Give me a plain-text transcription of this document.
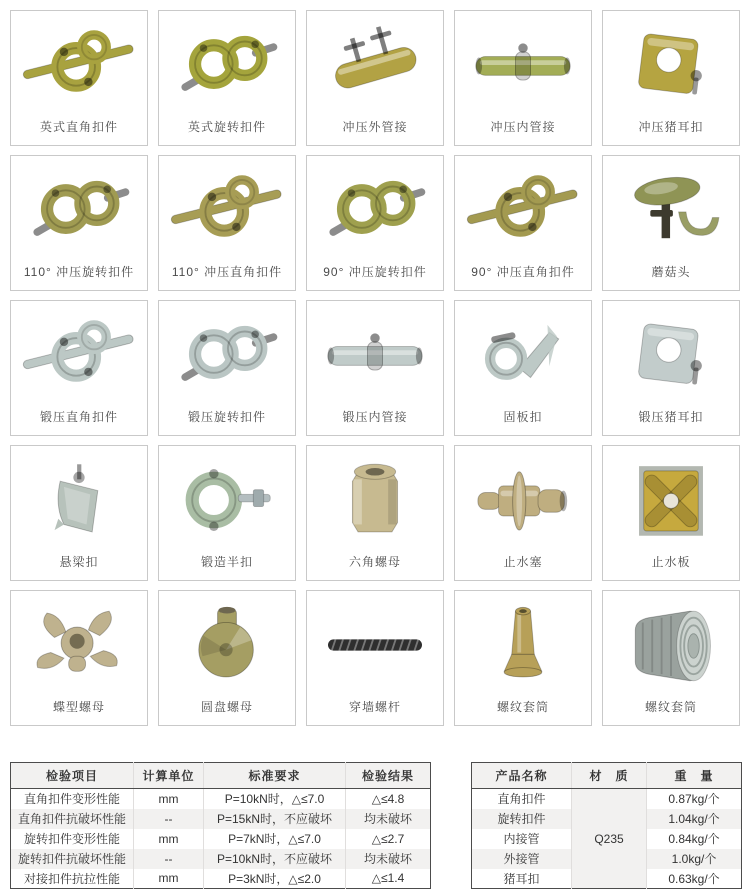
英式直角扣件	英式旋转扣件	冲压外管接	冲压内管接	冲压猪耳扣
110° 冲压旋转扣件	110° 冲压直角扣件	90° 冲压旋转扣件	90° 冲压直角扣件	蘑菇头
锻压直角扣件	锻压旋转扣件	锻压内管接	固板扣	锻压猪耳扣
悬梁扣	锻造半扣	六角螺母	止水塞	止水板
蝶型螺母	圆盘螺母	穿墙螺杆	螺纹套筒	螺纹套筒
检验项目	计算单位	标准要求	检验结果
直角扣件变形性能	mm	P=10kN时，△≤7.0	△≤4.8
直角扣件抗破坏性能	--	P=15kN时，不应破坏	均未破坏
旋转扣件变形性能	mm	P=7kN时，△≤7.0	△≤2.7
旋转扣件抗破坏性能	--	P=10kN时，不应破坏	均未破坏
对接扣件抗拉性能	mm	P=3kN时，△≤2.0	△≤1.4
产品名称	材　质	重　量
直角扣件	Q235	0.87kg/个
旋转扣件		1.04kg/个
内接管		0.84kg/个
外接管		1.0kg/个
猪耳扣		0.63kg/个
